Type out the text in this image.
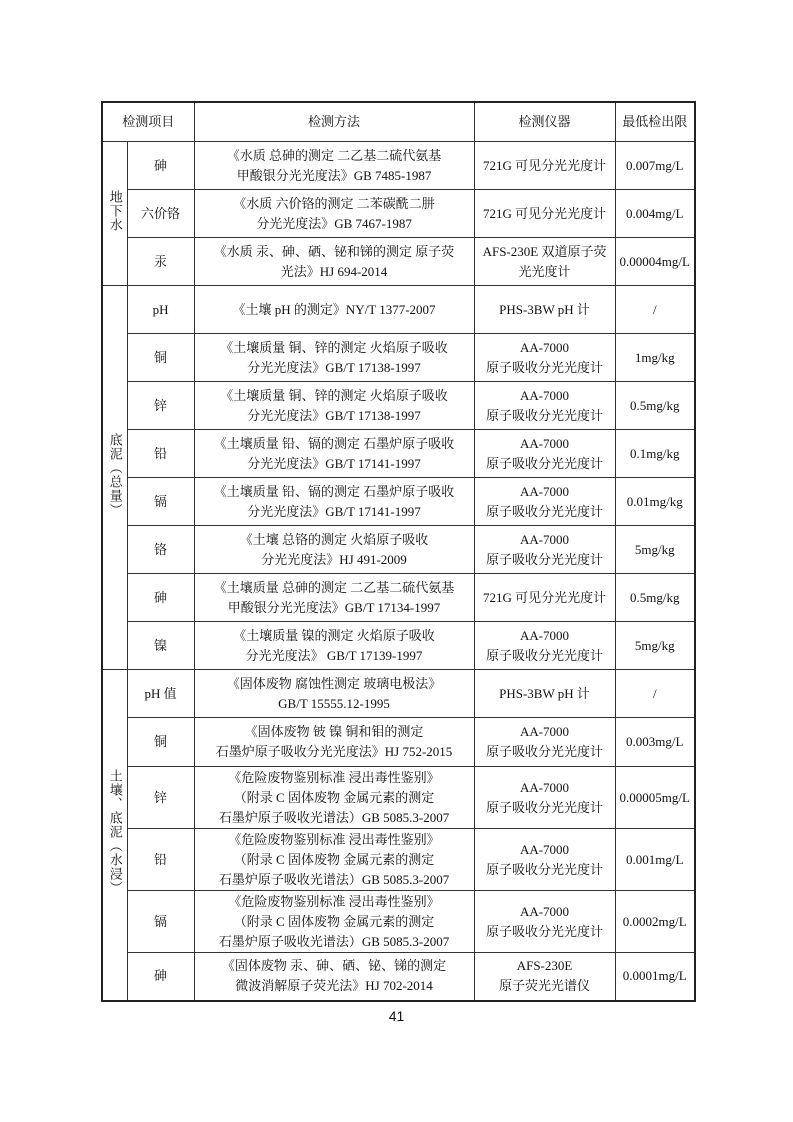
检测项目		检测方法	检测仪器	最低检出限
地下水	砷	《水质 总砷的测定 二乙基二硫代氨基
甲酸银分光光度法》GB 7485-1987	721G 可见分光光度计	0.007mg/L
	六价铬	《水质 六价铬的测定 二苯碳酰二肼
分光光度法》GB 7467-1987	721G 可见分光光度计	0.004mg/L
	汞	《水质 汞、砷、硒、铋和锑的测定 原子荧
光法》HJ 694-2014	AFS-230E 双道原子荧
光光度计	0.00004mg/L
底泥（总量）	pH	《土壤 pH 的测定》NY/T 1377-2007	PHS-3BW pH 计	/
	铜	《土壤质量 铜、锌的测定 火焰原子吸收
分光光度法》GB/T 17138-1997	AA-7000
原子吸收分光光度计	1mg/kg
	锌	《土壤质量 铜、锌的测定 火焰原子吸收
分光光度法》GB/T 17138-1997	AA-7000
原子吸收分光光度计	0.5mg/kg
	铅	《土壤质量 铅、镉的测定 石墨炉原子吸收
分光光度法》GB/T 17141-1997	AA-7000
原子吸收分光光度计	0.1mg/kg
	镉	《土壤质量 铅、镉的测定 石墨炉原子吸收
分光光度法》GB/T 17141-1997	AA-7000
原子吸收分光光度计	0.01mg/kg
	铬	《土壤 总铬的测定 火焰原子吸收
分光光度法》HJ 491-2009	AA-7000
原子吸收分光光度计	5mg/kg
	砷	《土壤质量 总砷的测定 二乙基二硫代氨基
甲酸银分光光度法》GB/T 17134-1997	721G 可见分光光度计	0.5mg/kg
	镍	《土壤质量 镍的测定 火焰原子吸收
分光光度法》 GB/T 17139-1997	AA-7000
原子吸收分光光度计	5mg/kg
土壤、底泥（水浸）	pH 值	《固体废物 腐蚀性测定 玻璃电极法》
GB/T 15555.12-1995	PHS-3BW pH 计	/
	铜	《固体废物 铍 镍 铜和钼的测定
石墨炉原子吸收分光光度法》HJ 752-2015	AA-7000
原子吸收分光光度计	0.003mg/L
	锌	《危险废物鉴别标准 浸出毒性鉴别》
（附录 C 固体废物 金属元素的测定
石墨炉原子吸收光谱法）GB 5085.3-2007	AA-7000
原子吸收分光光度计	0.00005mg/L
	铅	《危险废物鉴别标准 浸出毒性鉴别》
（附录 C 固体废物 金属元素的测定
石墨炉原子吸收光谱法）GB 5085.3-2007	AA-7000
原子吸收分光光度计	0.001mg/L
	镉	《危险废物鉴别标准 浸出毒性鉴别》
（附录 C 固体废物 金属元素的测定
石墨炉原子吸收光谱法）GB 5085.3-2007	AA-7000
原子吸收分光光度计	0.0002mg/L
	砷	《固体废物 汞、砷、硒、铋、锑的测定
微波消解原子荧光法》HJ 702-2014	AFS-230E
原子荧光光谱仪	0.0001mg/L
41
